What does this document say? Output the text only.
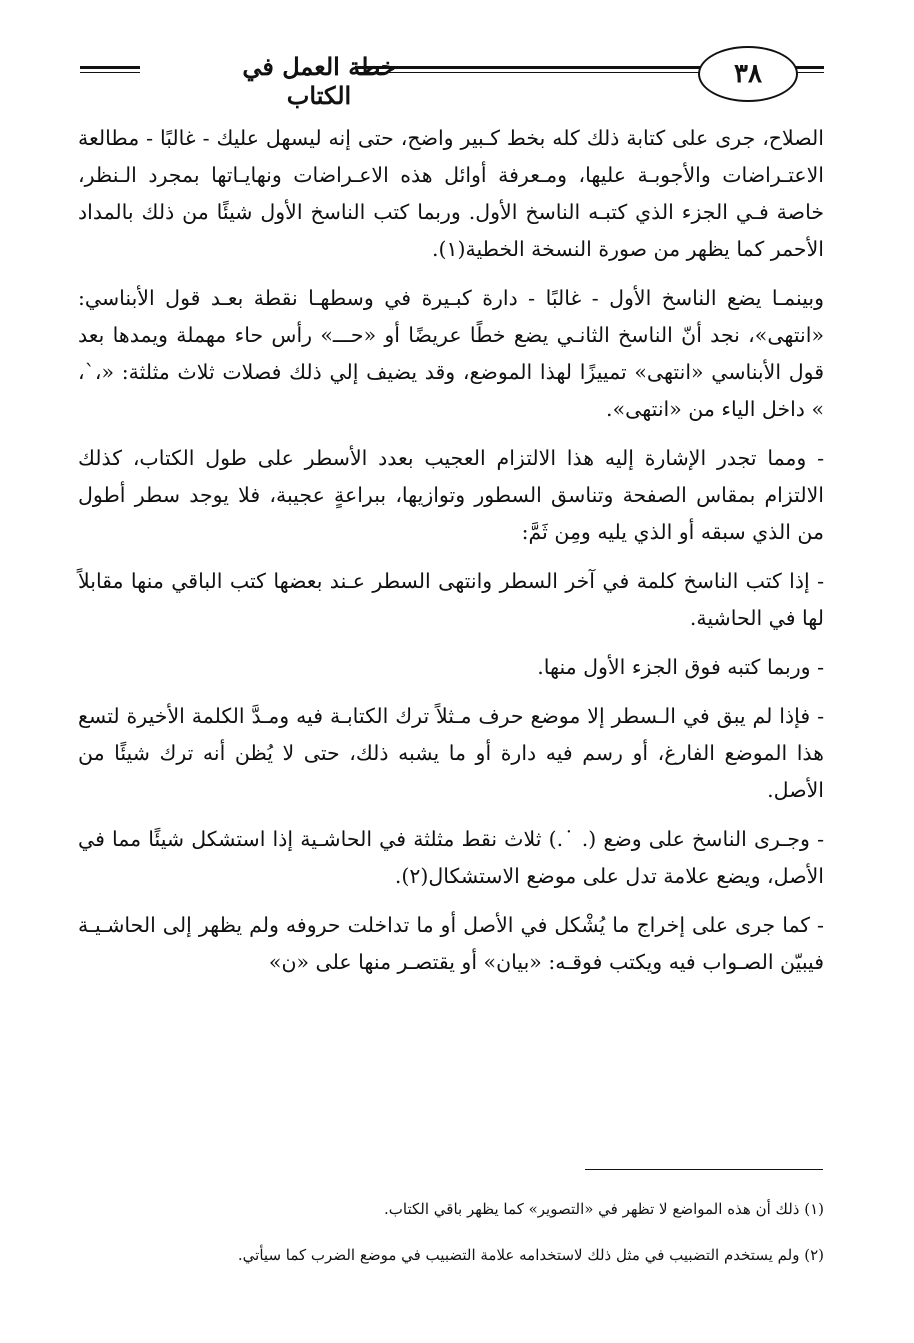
٣٨
خطة العمل في الكتاب

الصلاح، جرى على كتابة ذلك كله بخط كـبير واضح، حتى إنه ليسهل عليك - غالبًا - مطالعة الاعتـراضات والأجوبـة عليها، ومـعرفة أوائل هذه الاعـراضات ونهايـاتها بمجرد الـنظر، خاصة فـي الجزء الذي كتبـه الناسخ الأول. وربما كتب الناسخ الأول شيئًا من ذلك بالمداد الأحمر كما يظهر من صورة النسخة الخطية(١).

وبينمـا يضع الناسخ الأول - غالبًا - دارة كبـيرة في وسطهـا نقطة بعـد قول الأبناسي: «انتهى»، نجد أنّ الناسخ الثانـي يضع خطًا عريضًا أو «حـــ» رأس حاء مهملة ويمدها بعد قول الأبناسي «انتهى» تمييزًا لهذا الموضع، وقد يضيف إلي ذلك فصلات ثلاث مثلثة: «،`، » داخل الياء من «انتهى».

- ومما تجدر الإشارة إليه هذا الالتزام العجيب بعدد الأسطر على طول الكتاب، كذلك الالتزام بمقاس الصفحة وتناسق السطور وتوازيها، ببراعةٍ عجيبة، فلا يوجد سطر أطول من الذي سبقه أو الذي يليه ومِن ثَمَّ:

- إذا كتب الناسخ كلمة في آخر السطر وانتهى السطر عـند بعضها كتب الباقي منها مقابلاً لها في الحاشية.

- وربما كتبه فوق الجزء الأول منها.

- فإذا لم يبق في الـسطر إلا موضع حرف مـثلاً ترك الكتابـة فيه ومـدَّ الكلمة الأخيرة لتسع هذا الموضع الفارغ، أو رسم فيه دارة أو ما يشبه ذلك، حتى لا يُظن أنه ترك شيئًا من الأصل.

- وجـرى الناسخ على وضع (. ˙.) ثلاث نقط مثلثة في الحاشـية إذا استشكل شيئًا مما في الأصل، ويضع علامة تدل على موضع الاستشكال(٢).

- كما جرى على إخراج ما يُشْكل في الأصل أو ما تداخلت حروفه ولم يظهر إلى الحاشـيـة فيبيّن الصـواب فيه ويكتب فوقـه: «بيان» أو يقتصـر منها على «ن»

(١) ذلك أن هذه المواضع لا تظهر في «التصوير» كما يظهر باقي الكتاب.

(٢) ولم يستخدم التضبيب في مثل ذلك لاستخدامه علامة التضبيب في موضع الضرب كما سيأتي.
